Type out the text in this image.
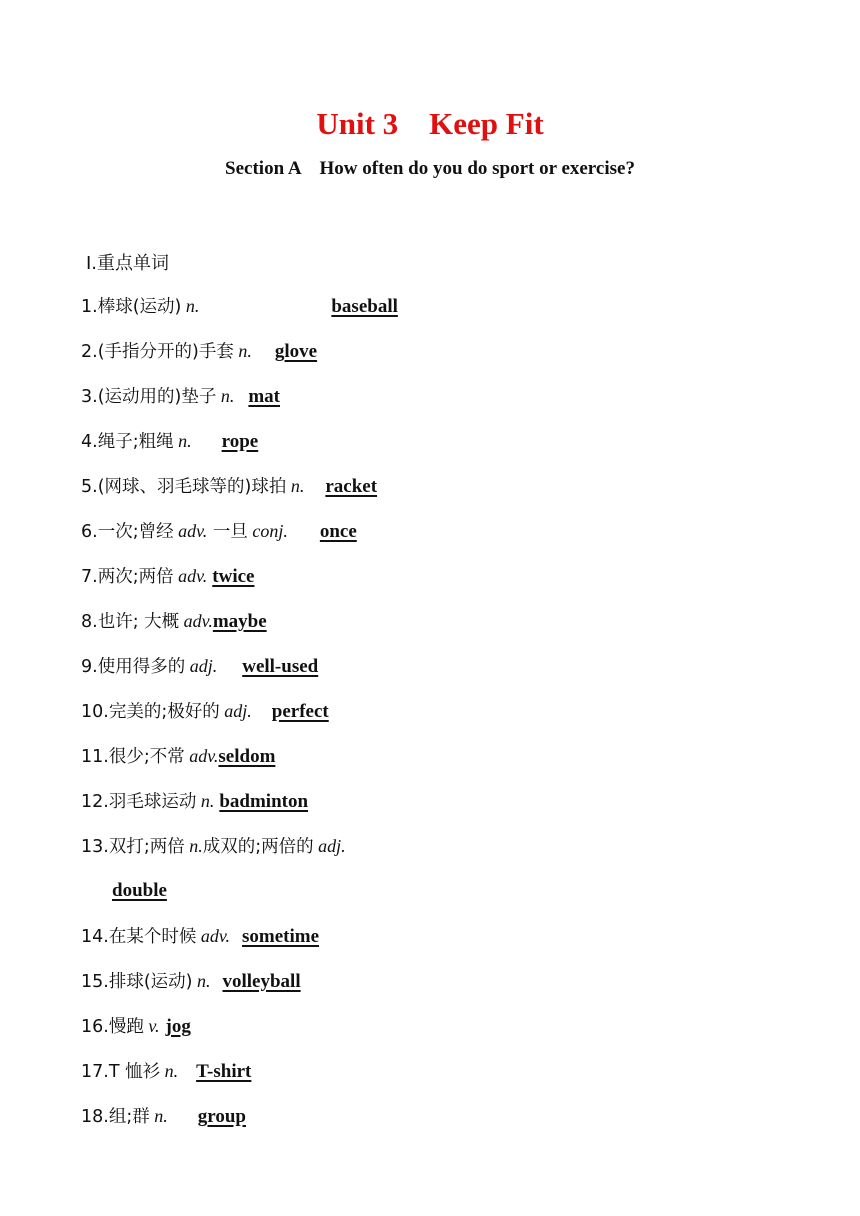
Unit 3    Keep Fit
Section A    How often do you do sport or exercise?
Ⅰ.重点单词
1.棒球(运动) n.	baseball
2.(手指分开的)手套 n. glove
3.(运动用的)垫子 n. mat
4.绳子;粗绳 n. rope
5.(网球、羽毛球等的)球拍 n. racket
6.一次;曾经 adv. 一旦 conj. once
7.两次;两倍 adv. twice
8.也许; 大概 adv.maybe
9.使用得多的 adj. well-used
10.完美的;极好的 adj. perfect
11.很少;不常 adv.seldom
12.羽毛球运动 n. badminton
13.双打;两倍 n.成双的;两倍的 adj.
double
14.在某个时候 adv. sometime
15.排球(运动) n. volleyball
16.慢跑 v. jog
17.T 恤衫 n. T-shirt
18.组;群 n. group
